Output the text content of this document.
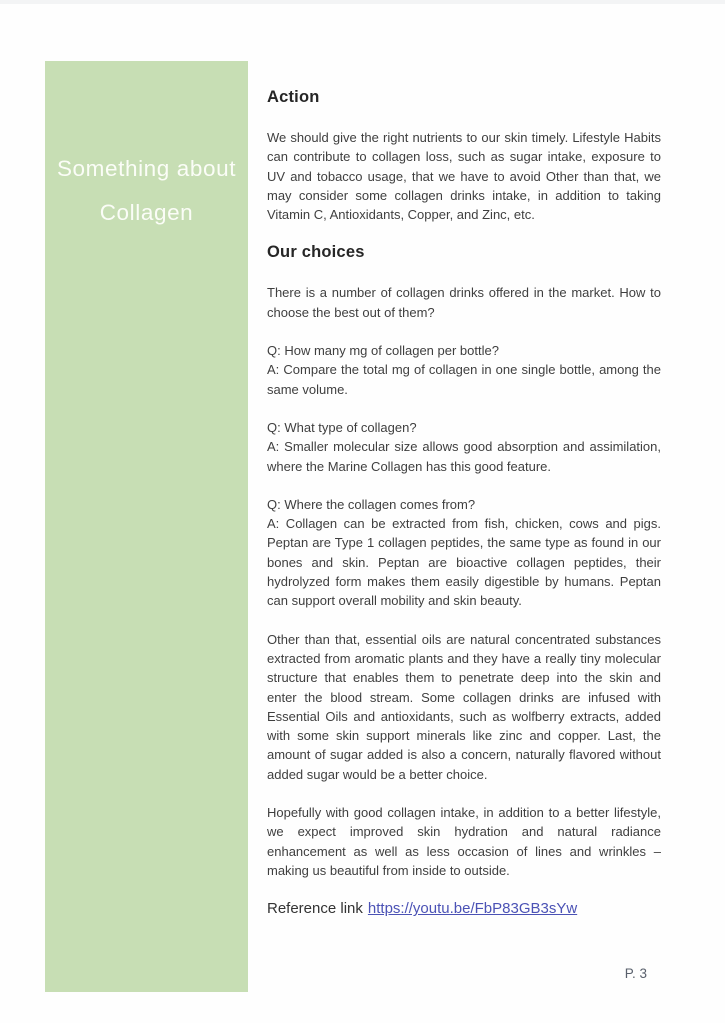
Something about Collagen
Action

We should give the right nutrients to our skin timely. Lifestyle Habits can contribute to collagen loss, such as sugar intake, exposure to UV and tobacco usage, that we have to avoid Other than that, we may consider some collagen drinks intake, in addition to taking Vitamin C, Antioxidants, Copper, and Zinc, etc.

Our choices

There is a number of collagen drinks offered in the market. How to choose the best out of them?

Q: How many mg of collagen per bottle?
A: Compare the total mg of collagen in one single bottle, among the same volume.
Q: What type of collagen?
A: Smaller molecular size allows good absorption and assimilation, where the Marine Collagen has this good feature.
Q: Where the collagen comes from?
A: Collagen can be extracted from fish, chicken, cows and pigs. Peptan are Type 1 collagen peptides, the same type as found in our bones and skin. Peptan are bioactive collagen peptides, their hydrolyzed form makes them easily digestible by humans. Peptan can support overall mobility and skin beauty.

Other than that, essential oils are natural concentrated substances extracted from aromatic plants and they have a really tiny molecular structure that enables them to penetrate deep into the skin and enter the blood stream. Some collagen drinks are infused with Essential Oils and antioxidants, such as wolfberry extracts, added with some skin support minerals like zinc and copper. Last, the amount of sugar added is also a concern, naturally flavored without added sugar would be a better choice.

Hopefully with good collagen intake, in addition to a better lifestyle, we expect improved skin hydration and natural radiance enhancement as well as less occasion of lines and wrinkles – making us beautiful from inside to outside.

Reference link https://youtu.be/FbP83GB3sYw

P. 3
